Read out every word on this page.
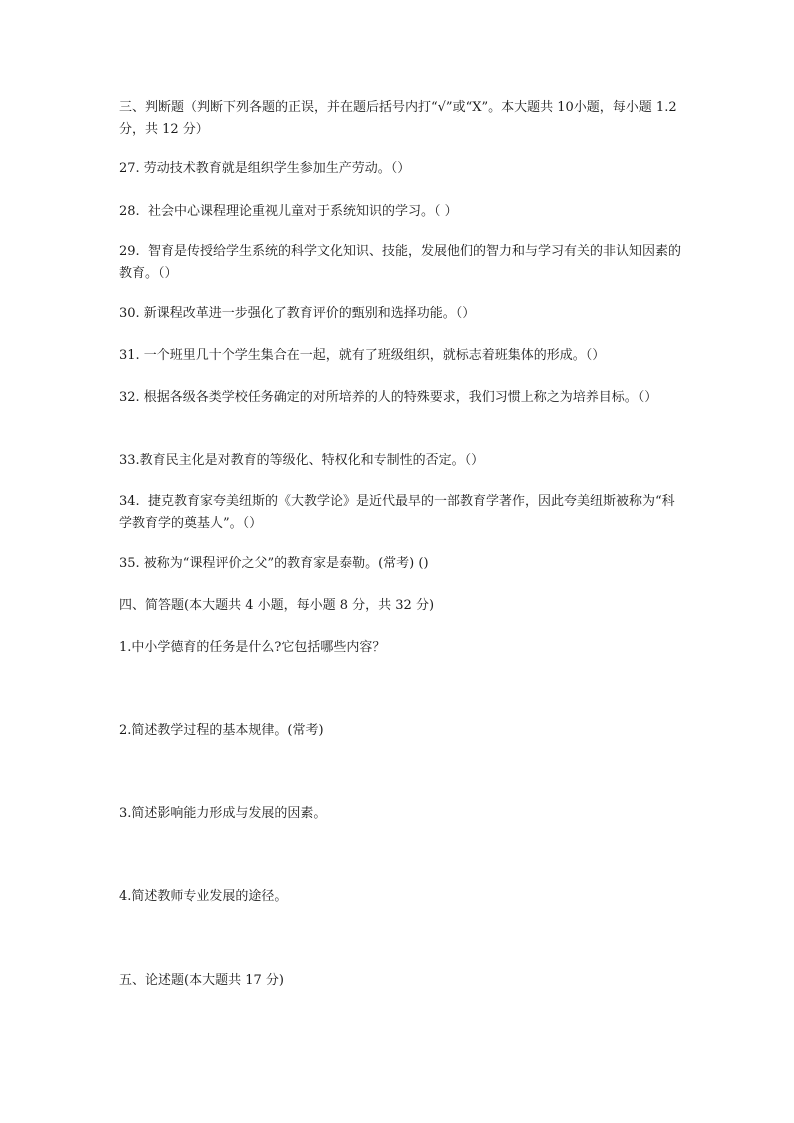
三、判断题（判断下列各题的正误，并在题后括号内打“√”或“X”。本大题共 10小题，每小题 1.2 分，共 12 分）
27. 劳动技术教育就是组织学生参加生产劳动。（）
28.  社会中心课程理论重视儿童对于系统知识的学习。（ ）
29.  智育是传授给学生系统的科学文化知识、技能，发展他们的智力和与学习有关的非认知因素的教育。（）
30. 新课程改革进一步强化了教育评价的甄别和选择功能。（）
31. 一个班里几十个学生集合在一起，就有了班级组织，就标志着班集体的形成。（）
32. 根据各级各类学校任务确定的对所培养的人的特殊要求，我们习惯上称之为培养目标。（）
33.教育民主化是对教育的等级化、特权化和专制性的否定。（）
34.  捷克教育家夸美纽斯的《大教学论》是近代最早的一部教育学著作，因此夸美纽斯被称为“科学教育学的奠基人”。（）
35. 被称为“课程评价之父”的教育家是泰勒。(常考) ()
四、简答题(本大题共 4 小题，每小题 8 分，共 32 分)
1.中小学德育的任务是什么?它包括哪些内容？
2.简述教学过程的基本规律。(常考)
3.简述影响能力形成与发展的因素。
4.简述教师专业发展的途径。
五、论述题(本大题共 17 分)
